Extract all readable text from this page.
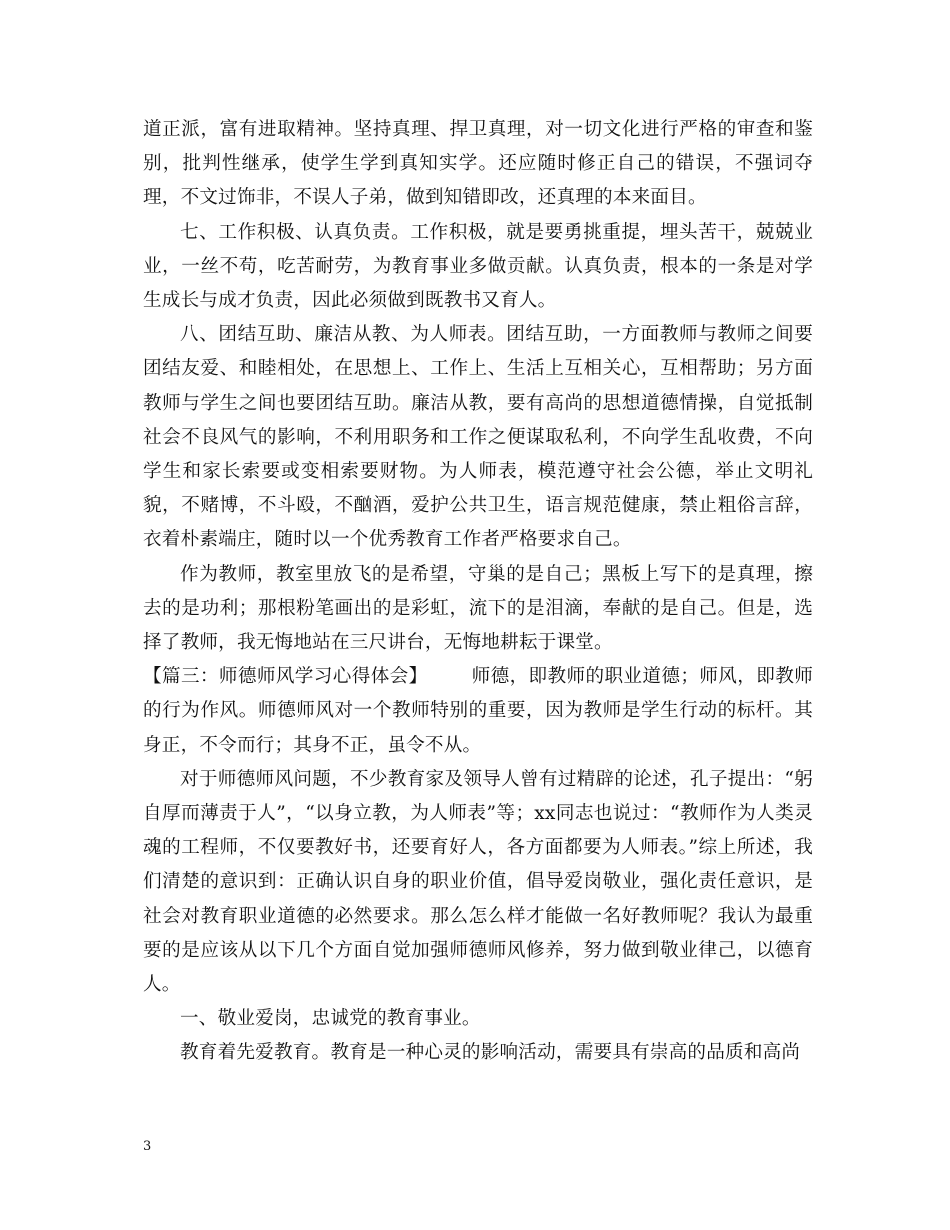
道正派，富有进取精神。坚持真理、捍卫真理，对一切文化进行严格的审查和鉴别，批判性继承，使学生学到真知实学。还应随时修正自己的错误，不强词夺理，不文过饰非，不误人子弟，做到知错即改，还真理的本来面目。

七、工作积极、认真负责。工作积极，就是要勇挑重提，埋头苦干，兢兢业业，一丝不苟，吃苦耐劳，为教育事业多做贡献。认真负责，根本的一条是对学生成长与成才负责，因此必须做到既教书又育人。

八、团结互助、廉洁从教、为人师表。团结互助，一方面教师与教师之间要团结友爱、和睦相处，在思想上、工作上、生活上互相关心，互相帮助；另方面教师与学生之间也要团结互助。廉洁从教，要有高尚的思想道德情操，自觉抵制社会不良风气的影响，不利用职务和工作之便谋取私利，不向学生乱收费，不向学生和家长索要或变相索要财物。为人师表，模范遵守社会公德，举止文明礼貌，不赌博，不斗殴，不酗酒，爱护公共卫生，语言规范健康，禁止粗俗言辞，衣着朴素端庄，随时以一个优秀教育工作者严格要求自己。

作为教师，教室里放飞的是希望，守巢的是自己；黑板上写下的是真理，擦去的是功利；那根粉笔画出的是彩虹，流下的是泪滴，奉献的是自己。但是，选择了教师，我无悔地站在三尺讲台，无悔地耕耘于课堂。

【篇三：师德师风学习心得体会】 师德，即教师的职业道德；师风，即教师的行为作风。师德师风对一个教师特别的重要，因为教师是学生行动的标杆。其身正，不令而行；其身不正，虽令不从。

对于师德师风问题，不少教育家及领导人曾有过精辟的论述，孔子提出：“躬自厚而薄责于人”，“以身立教，为人师表”等；xx同志也说过：“教师作为人类灵魂的工程师，不仅要教好书，还要育好人，各方面都要为人师表。”综上所述，我们清楚的意识到：正确认识自身的职业价值，倡导爱岗敬业，强化责任意识，是社会对教育职业道德的必然要求。那么怎么样才能做一名好教师呢？我认为最重要的是应该从以下几个方面自觉加强师德师风修养，努力做到敬业律己，以德育人。

一、敬业爱岗，忠诚党的教育事业。

教育着先爱教育。教育是一种心灵的影响活动，需要具有崇高的品质和高尚

3
